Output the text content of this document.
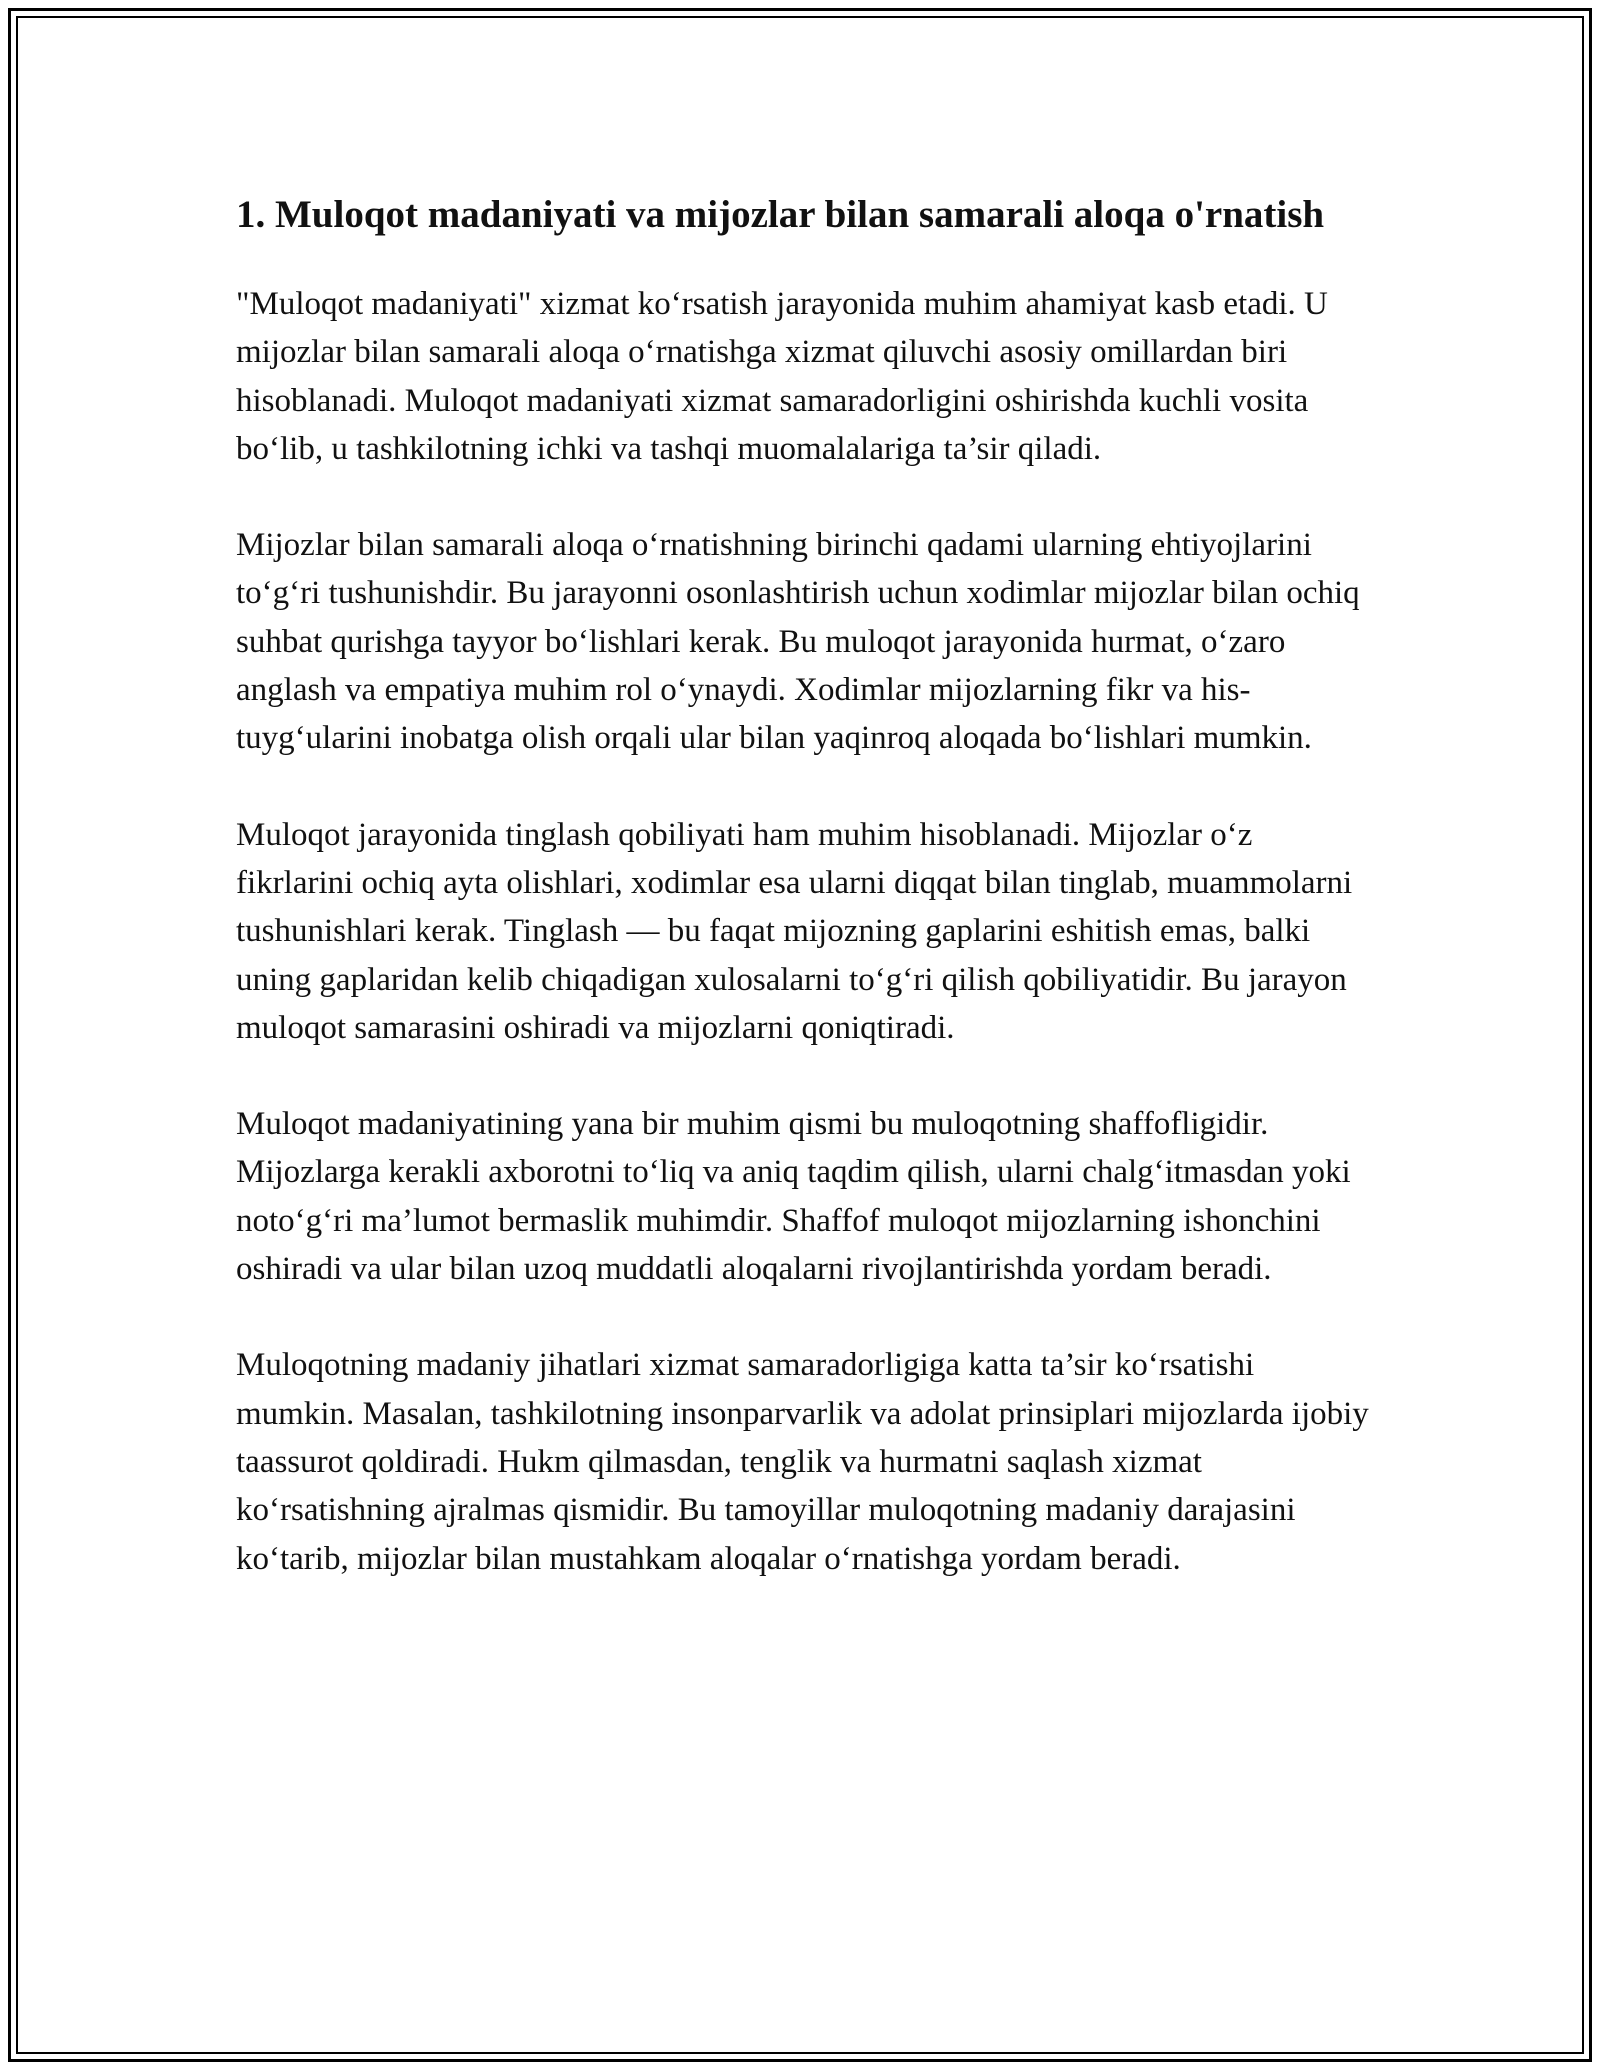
1. Muloqot madaniyati va mijozlar bilan samarali aloqa o'rnatish

"Muloqot madaniyati" xizmat ko‘rsatish jarayonida muhim ahamiyat kasb etadi. U mijozlar bilan samarali aloqa o‘rnatishga xizmat qiluvchi asosiy omillardan biri hisoblanadi. Muloqot madaniyati xizmat samaradorligini oshirishda kuchli vosita bo‘lib, u tashkilotning ichki va tashqi muomalalariga ta’sir qiladi.

Mijozlar bilan samarali aloqa o‘rnatishning birinchi qadami ularning ehtiyojlarini to‘g‘ri tushunishdir. Bu jarayonni osonlashtirish uchun xodimlar mijozlar bilan ochiq suhbat qurishga tayyor bo‘lishlari kerak. Bu muloqot jarayonida hurmat, o‘zaro anglash va empatiya muhim rol o‘ynaydi. Xodimlar mijozlarning fikr va his-tuyg‘ularini inobatga olish orqali ular bilan yaqinroq aloqada bo‘lishlari mumkin.

Muloqot jarayonida tinglash qobiliyati ham muhim hisoblanadi. Mijozlar o‘z fikrlarini ochiq ayta olishlari, xodimlar esa ularni diqqat bilan tinglab, muammolarni tushunishlari kerak. Tinglash — bu faqat mijozning gaplarini eshitish emas, balki uning gaplaridan kelib chiqadigan xulosalarni to‘g‘ri qilish qobiliyatidir. Bu jarayon muloqot samarasini oshiradi va mijozlarni qoniqtiradi.

Muloqot madaniyatining yana bir muhim qismi bu muloqotning shaffofligidir. Mijozlarga kerakli axborotni to‘liq va aniq taqdim qilish, ularni chalg‘itmasdan yoki noto‘g‘ri ma’lumot bermaslik muhimdir. Shaffof muloqot mijozlarning ishonchini oshiradi va ular bilan uzoq muddatli aloqalarni rivojlantirishda yordam beradi.

Muloqotning madaniy jihatlari xizmat samaradorligiga katta ta’sir ko‘rsatishi mumkin. Masalan, tashkilotning insonparvarlik va adolat prinsiplari mijozlarda ijobiy taassurot qoldiradi. Hukm qilmasdan, tenglik va hurmatni saqlash xizmat ko‘rsatishning ajralmas qismidir. Bu tamoyillar muloqotning madaniy darajasini ko‘tarib, mijozlar bilan mustahkam aloqalar o‘rnatishga yordam beradi.
